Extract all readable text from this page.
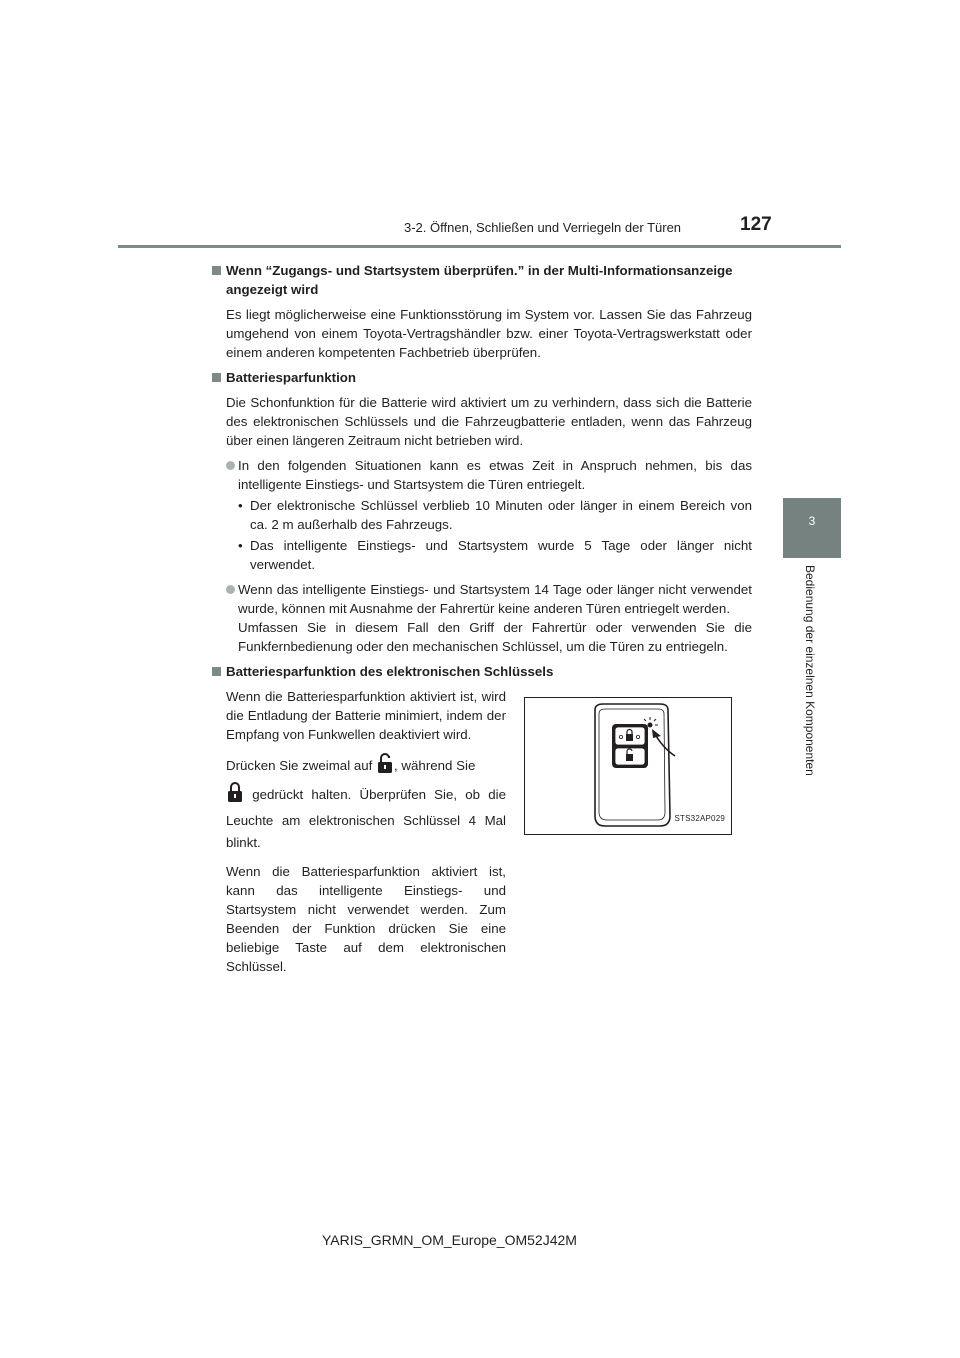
3-2. Öffnen, Schließen und Verriegeln der Türen	127
3
Bedienung der einzelnen Komponenten
Wenn “Zugangs- und Startsystem überprüfen.” in der Multi-Informationsanzeige angezeigt wird
Es liegt möglicherweise eine Funktionsstörung im System vor. Lassen Sie das Fahrzeug umgehend von einem Toyota-Vertragshändler bzw. einer Toyota-Vertragswerkstatt oder einem anderen kompetenten Fachbetrieb überprüfen.
Batteriesparfunktion
Die Schonfunktion für die Batterie wird aktiviert um zu verhindern, dass sich die Batterie des elektronischen Schlüssels und die Fahrzeugbatterie entladen, wenn das Fahrzeug über einen längeren Zeitraum nicht betrieben wird.
In den folgenden Situationen kann es etwas Zeit in Anspruch nehmen, bis das intelligente Einstiegs- und Startsystem die Türen entriegelt.
• Der elektronische Schlüssel verblieb 10 Minuten oder länger in einem Bereich von ca. 2 m außerhalb des Fahrzeugs.
• Das intelligente Einstiegs- und Startsystem wurde 5 Tage oder länger nicht verwendet.
Wenn das intelligente Einstiegs- und Startsystem 14 Tage oder länger nicht verwendet wurde, können mit Ausnahme der Fahrertür keine anderen Türen entriegelt werden.
Umfassen Sie in diesem Fall den Griff der Fahrertür oder verwenden Sie die Funkfernbedienung oder den mechanischen Schlüssel, um die Türen zu entriegeln.
Batteriesparfunktion des elektronischen Schlüssels

Wenn die Batteriesparfunktion aktiviert ist, wird die Entladung der Batterie minimiert, indem der Empfang von Funkwellen deaktiviert wird.

Drücken Sie zweimal auf , während Sie
gedrückt halten. Überprüfen Sie, ob die Leuchte am elektronischen Schlüssel 4 Mal blinkt.

Wenn die Batteriesparfunktion aktiviert ist, kann das intelligente Einstiegs- und Startsystem nicht verwendet werden. Zum Beenden der Funktion drücken Sie eine beliebige Taste auf dem elektronischen Schlüssel.

STS32AP029
YARIS_GRMN_OM_Europe_OM52J42M
